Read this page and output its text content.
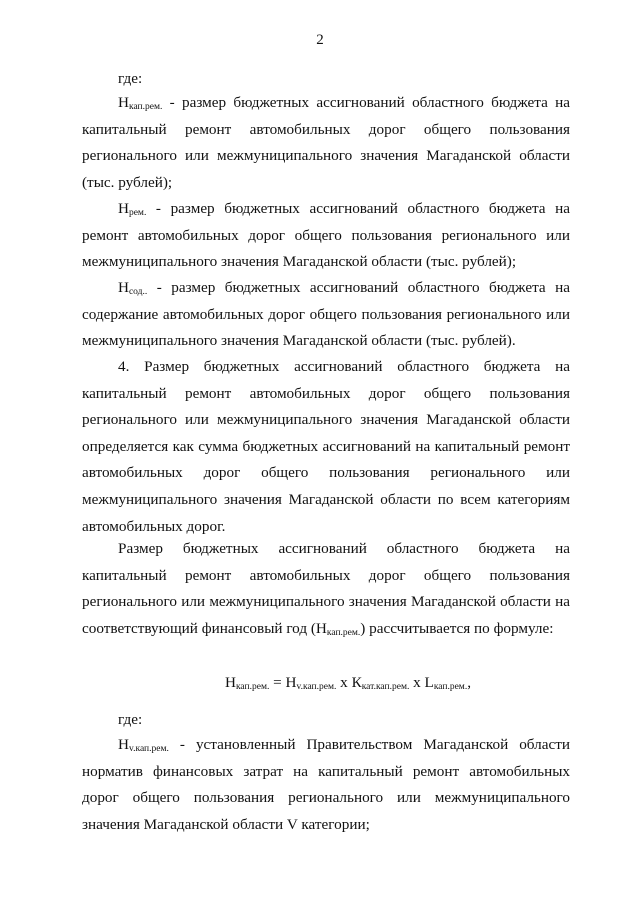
2
где:
$Н_{кап.рем.}$ - размер бюджетных ассигнований областного бюджета на капитальный ремонт автомобильных дорог общего пользования регионального или межмуниципального значения Магаданской области (тыс. рублей);
$Н_{рем.}$ - размер бюджетных ассигнований областного бюджета на ремонт автомобильных дорог общего пользования регионального или межмуниципального значения Магаданской области (тыс. рублей);
$Н_{сод..}$ - размер бюджетных ассигнований областного бюджета на содержание автомобильных дорог общего пользования регионального или межмуниципального значения Магаданской области (тыс. рублей).
4. Размер бюджетных ассигнований областного бюджета на капитальный ремонт автомобильных дорог общего пользования регионального или межмуниципального значения Магаданской области определяется как сумма бюджетных ассигнований на капитальный ремонт автомобильных дорог общего пользования регионального или межмуниципального значения Магаданской области по всем категориям автомобильных дорог.
Размер бюджетных ассигнований областного бюджета на капитальный ремонт автомобильных дорог общего пользования регионального или межмуниципального значения Магаданской области на соответствующий финансовый год $(Н_{кап.рем.})$ рассчитывается по формуле:
$Н_{кап.рем.} = Н_{v.кап.рем.}$ х $К_{кат.кап.рем.}$ х $L_{кап.рем.}$,
где:
$Н_{v.кап.рем.}$ - установленный Правительством Магаданской области норматив финансовых затрат на капитальный ремонт автомобильных дорог общего пользования регионального или межмуниципального значения Магаданской области V категории;
